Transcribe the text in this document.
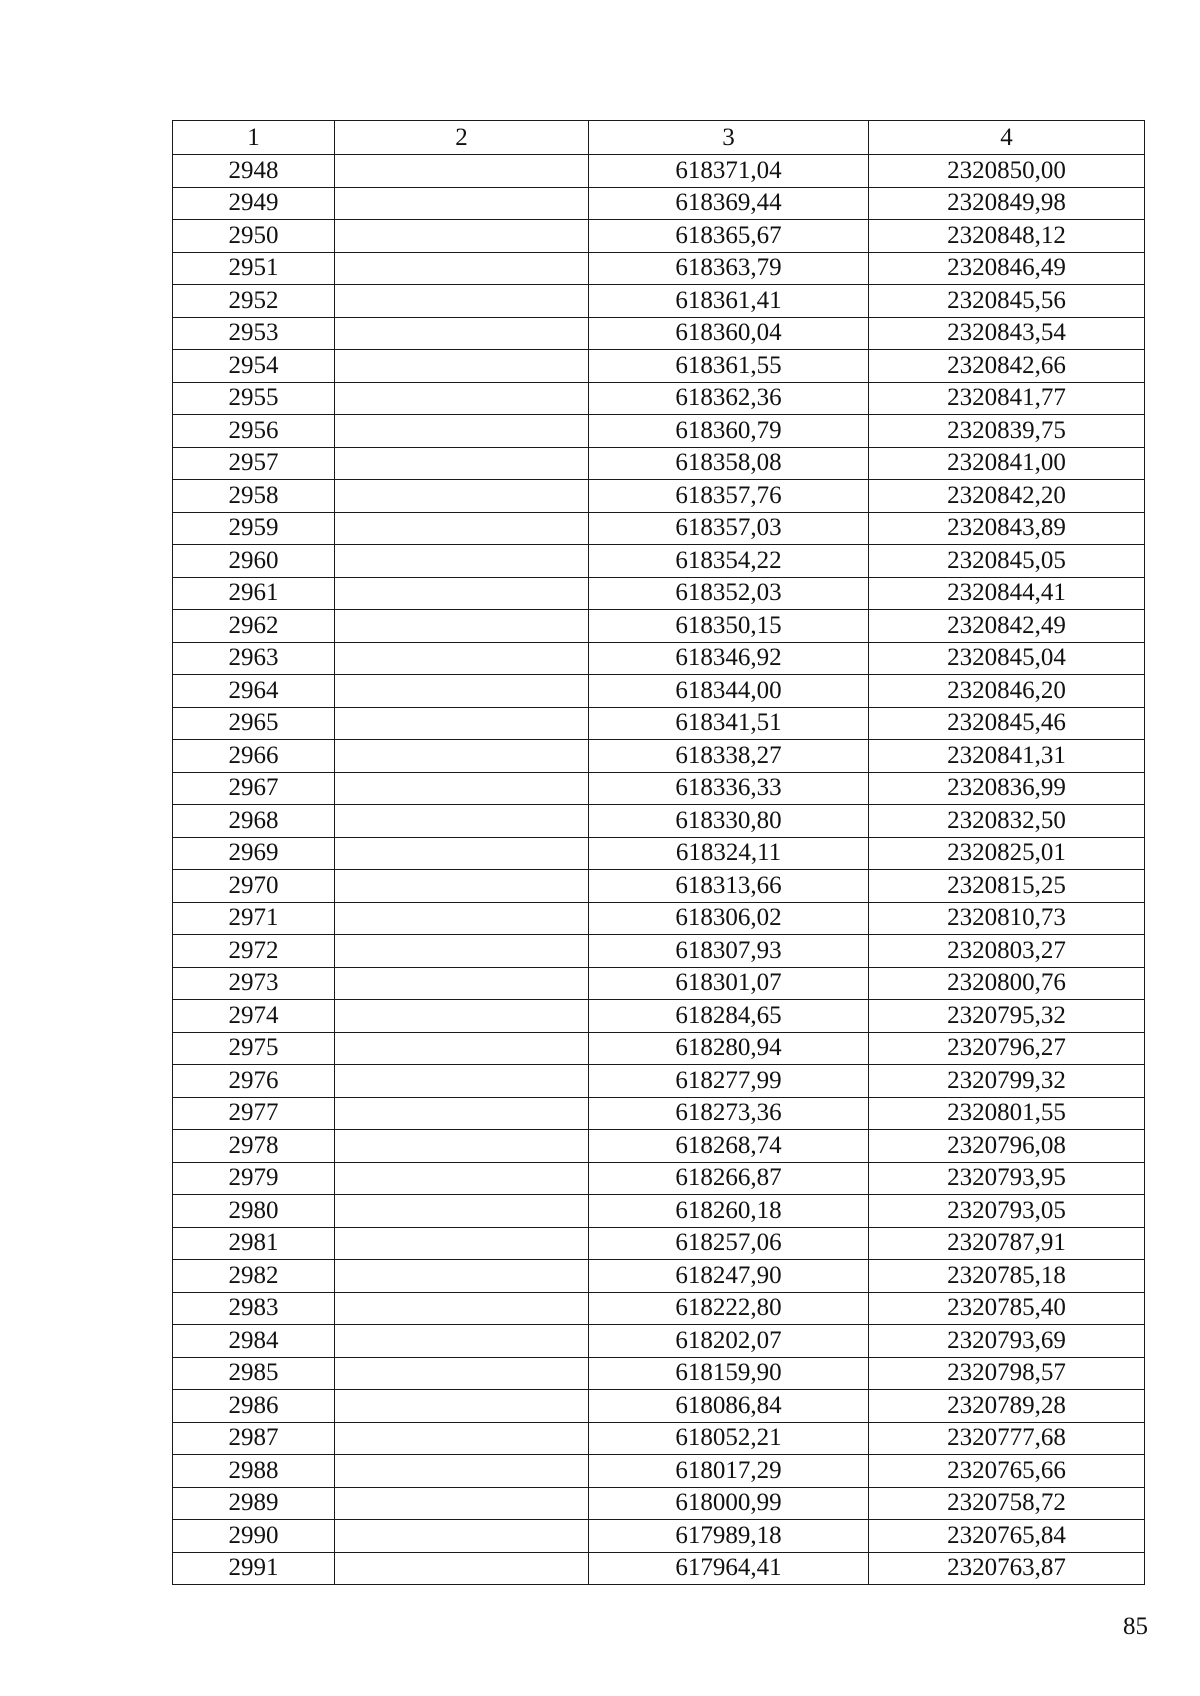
1	2	3	4
2948		618371,04	2320850,00
2949		618369,44	2320849,98
2950		618365,67	2320848,12
2951		618363,79	2320846,49
2952		618361,41	2320845,56
2953		618360,04	2320843,54
2954		618361,55	2320842,66
2955		618362,36	2320841,77
2956		618360,79	2320839,75
2957		618358,08	2320841,00
2958		618357,76	2320842,20
2959		618357,03	2320843,89
2960		618354,22	2320845,05
2961		618352,03	2320844,41
2962		618350,15	2320842,49
2963		618346,92	2320845,04
2964		618344,00	2320846,20
2965		618341,51	2320845,46
2966		618338,27	2320841,31
2967		618336,33	2320836,99
2968		618330,80	2320832,50
2969		618324,11	2320825,01
2970		618313,66	2320815,25
2971		618306,02	2320810,73
2972		618307,93	2320803,27
2973		618301,07	2320800,76
2974		618284,65	2320795,32
2975		618280,94	2320796,27
2976		618277,99	2320799,32
2977		618273,36	2320801,55
2978		618268,74	2320796,08
2979		618266,87	2320793,95
2980		618260,18	2320793,05
2981		618257,06	2320787,91
2982		618247,90	2320785,18
2983		618222,80	2320785,40
2984		618202,07	2320793,69
2985		618159,90	2320798,57
2986		618086,84	2320789,28
2987		618052,21	2320777,68
2988		618017,29	2320765,66
2989		618000,99	2320758,72
2990		617989,18	2320765,84
2991		617964,41	2320763,87
85
